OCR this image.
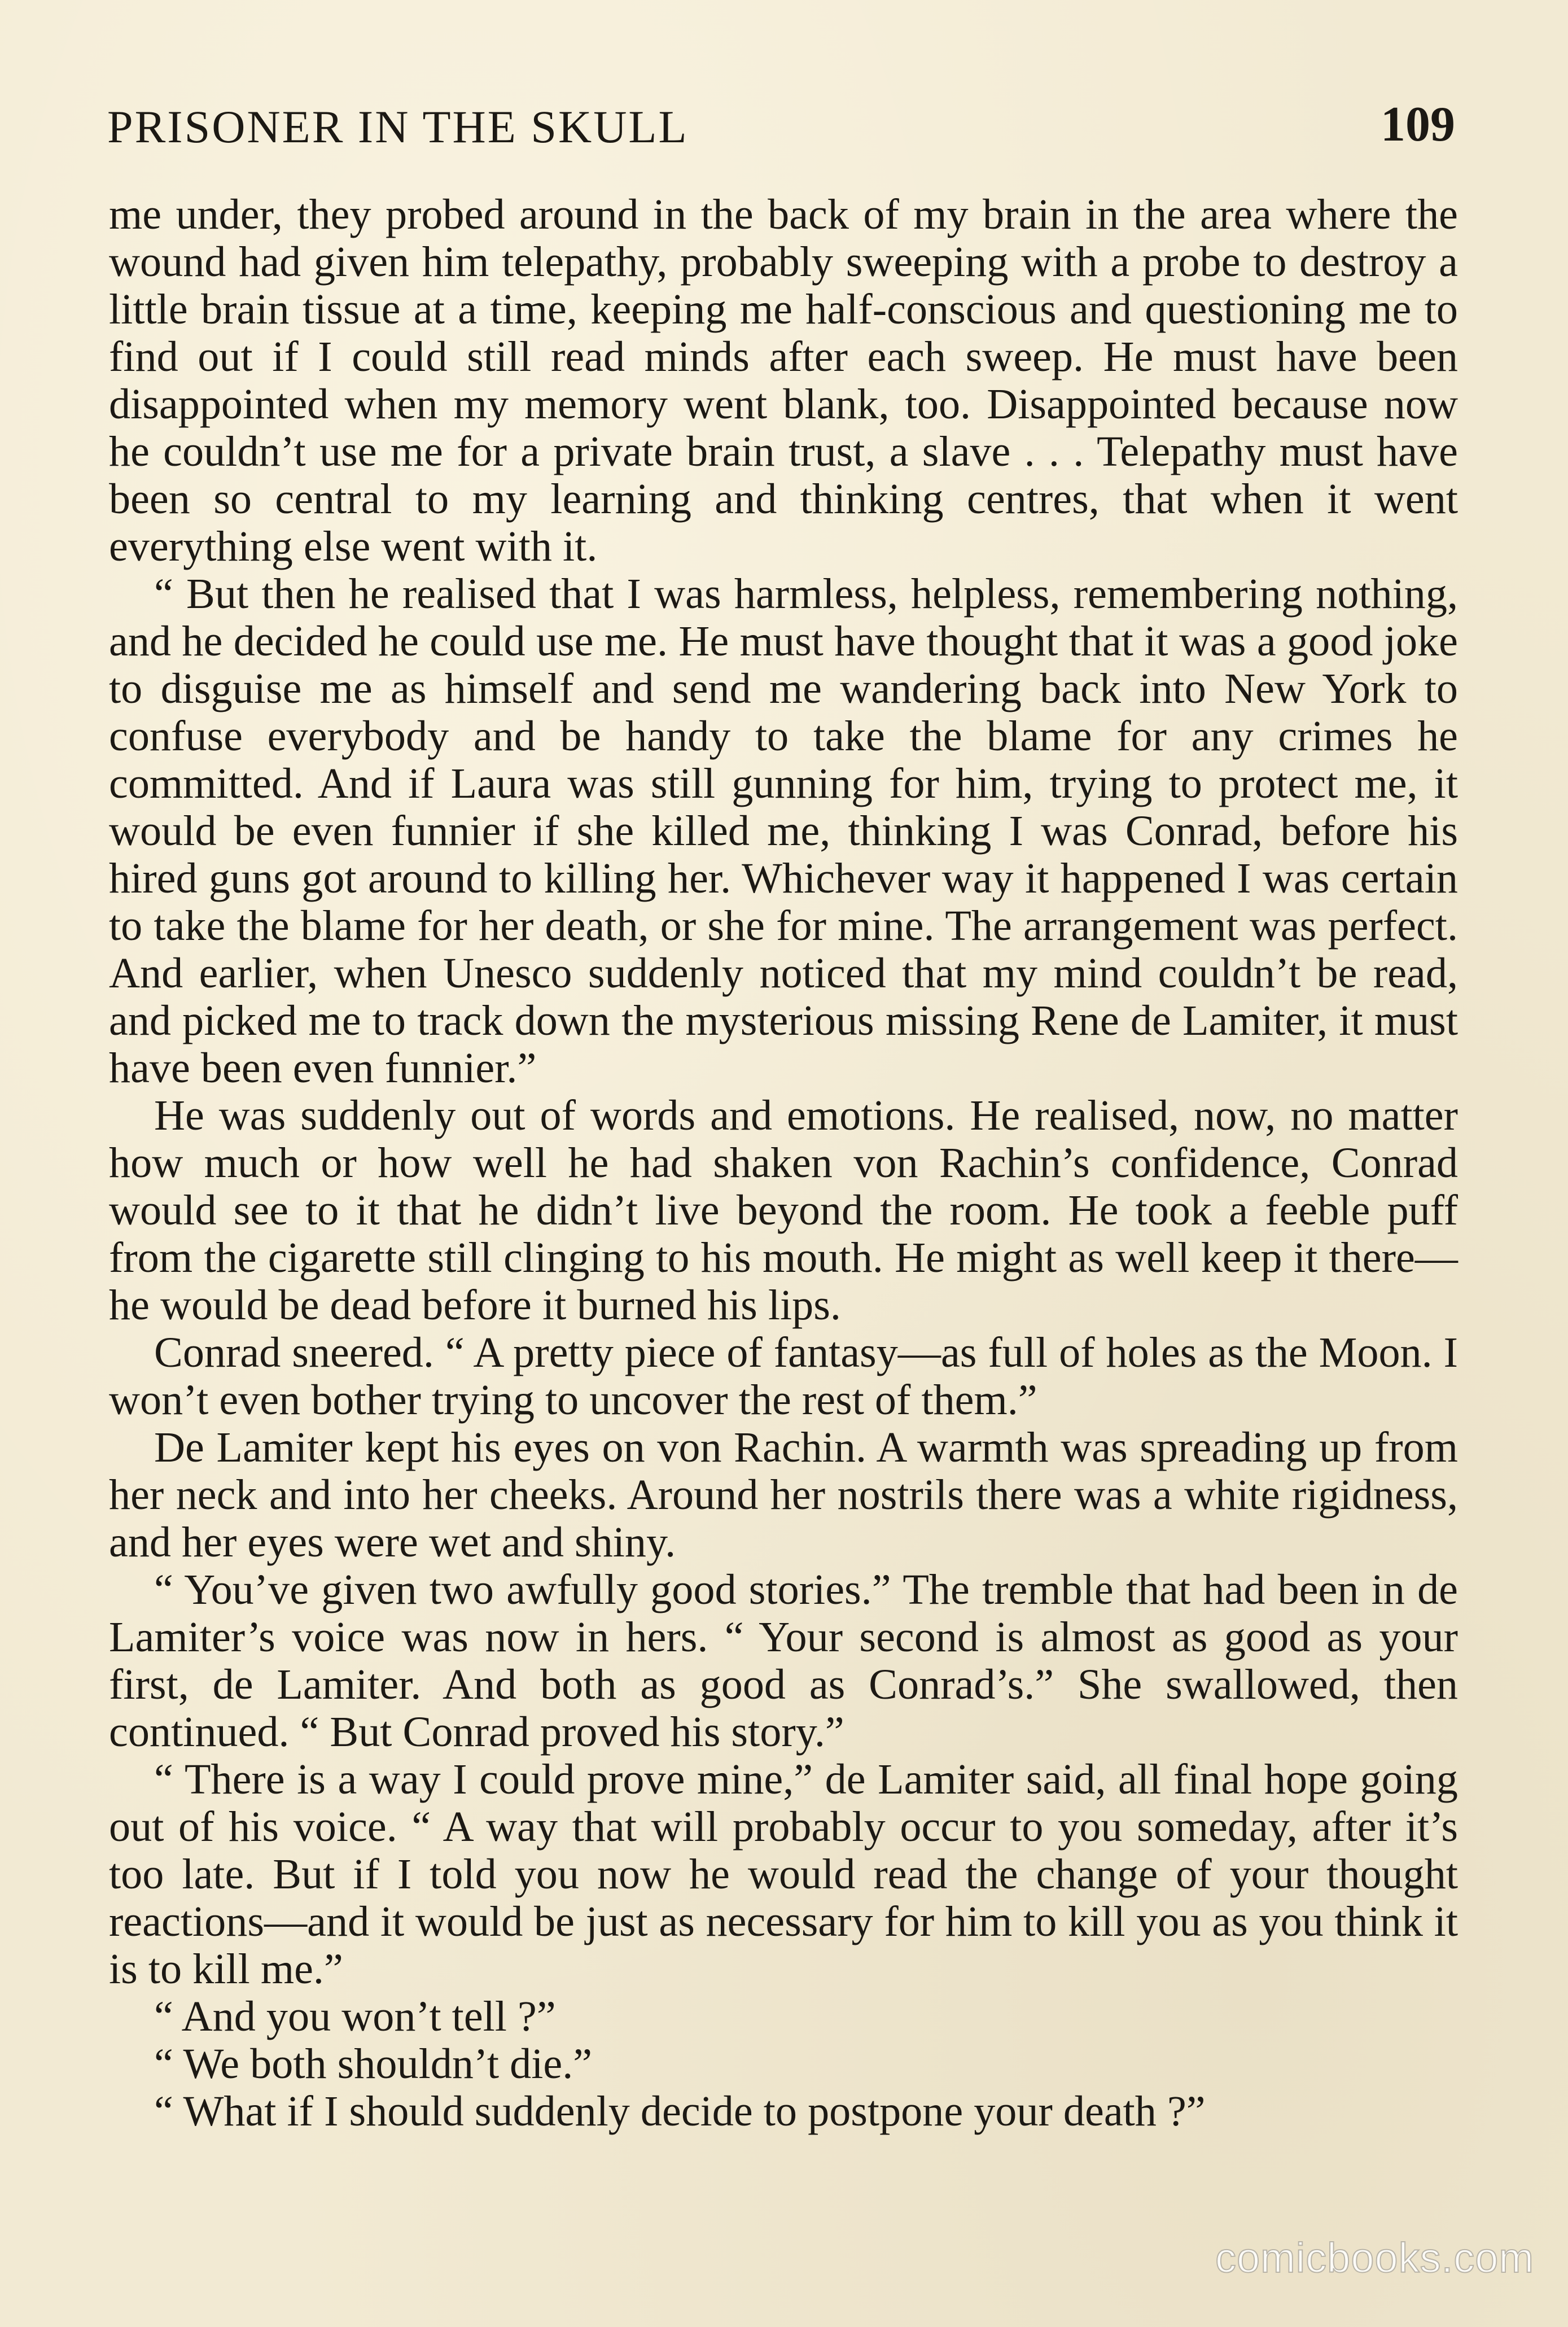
PRISONER IN THE SKULL	109

me under, they probed around in the back of my brain in the area where the wound had given him telepathy, probably sweeping with a probe to destroy a little brain tissue at a time, keeping me half-conscious and questioning me to find out if I could still read minds after each sweep. He must have been disappointed when my memory went blank, too. Disappointed because now he couldn’t use me for a private brain trust, a slave . . . Telepathy must have been so central to my learning and thinking centres, that when it went everything else went with it.

“ But then he realised that I was harmless, helpless, remembering nothing, and he decided he could use me. He must have thought that it was a good joke to disguise me as himself and send me wandering back into New York to confuse everybody and be handy to take the blame for any crimes he committed. And if Laura was still gunning for him, trying to protect me, it would be even funnier if she killed me, thinking I was Conrad, before his hired guns got around to killing her. Whichever way it happened I was certain to take the blame for her death, or she for mine. The arrangement was perfect. And earlier, when Unesco suddenly noticed that my mind couldn’t be read, and picked me to track down the mysterious missing Rene de Lamiter, it must have been even funnier.”

He was suddenly out of words and emotions. He realised, now, no matter how much or how well he had shaken von Rachin’s confidence, Conrad would see to it that he didn’t live beyond the room. He took a feeble puff from the cigarette still clinging to his mouth. He might as well keep it there—he would be dead before it burned his lips.

Conrad sneered. “ A pretty piece of fantasy—as full of holes as the Moon. I won’t even bother trying to uncover the rest of them.”

De Lamiter kept his eyes on von Rachin. A warmth was spreading up from her neck and into her cheeks. Around her nostrils there was a white rigidness, and her eyes were wet and shiny.

“ You’ve given two awfully good stories.” The tremble that had been in de Lamiter’s voice was now in hers. “ Your second is almost as good as your first, de Lamiter. And both as good as Conrad’s.” She swallowed, then continued. “ But Conrad proved his story.”

“ There is a way I could prove mine,” de Lamiter said, all final hope going out of his voice. “ A way that will probably occur to you someday, after it’s too late. But if I told you now he would read the change of your thought reactions—and it would be just as necessary for him to kill you as you think it is to kill me.”

“ And you won’t tell ?”

“ We both shouldn’t die.”

“ What if I should suddenly decide to postpone your death ?”

comicbooks.com
